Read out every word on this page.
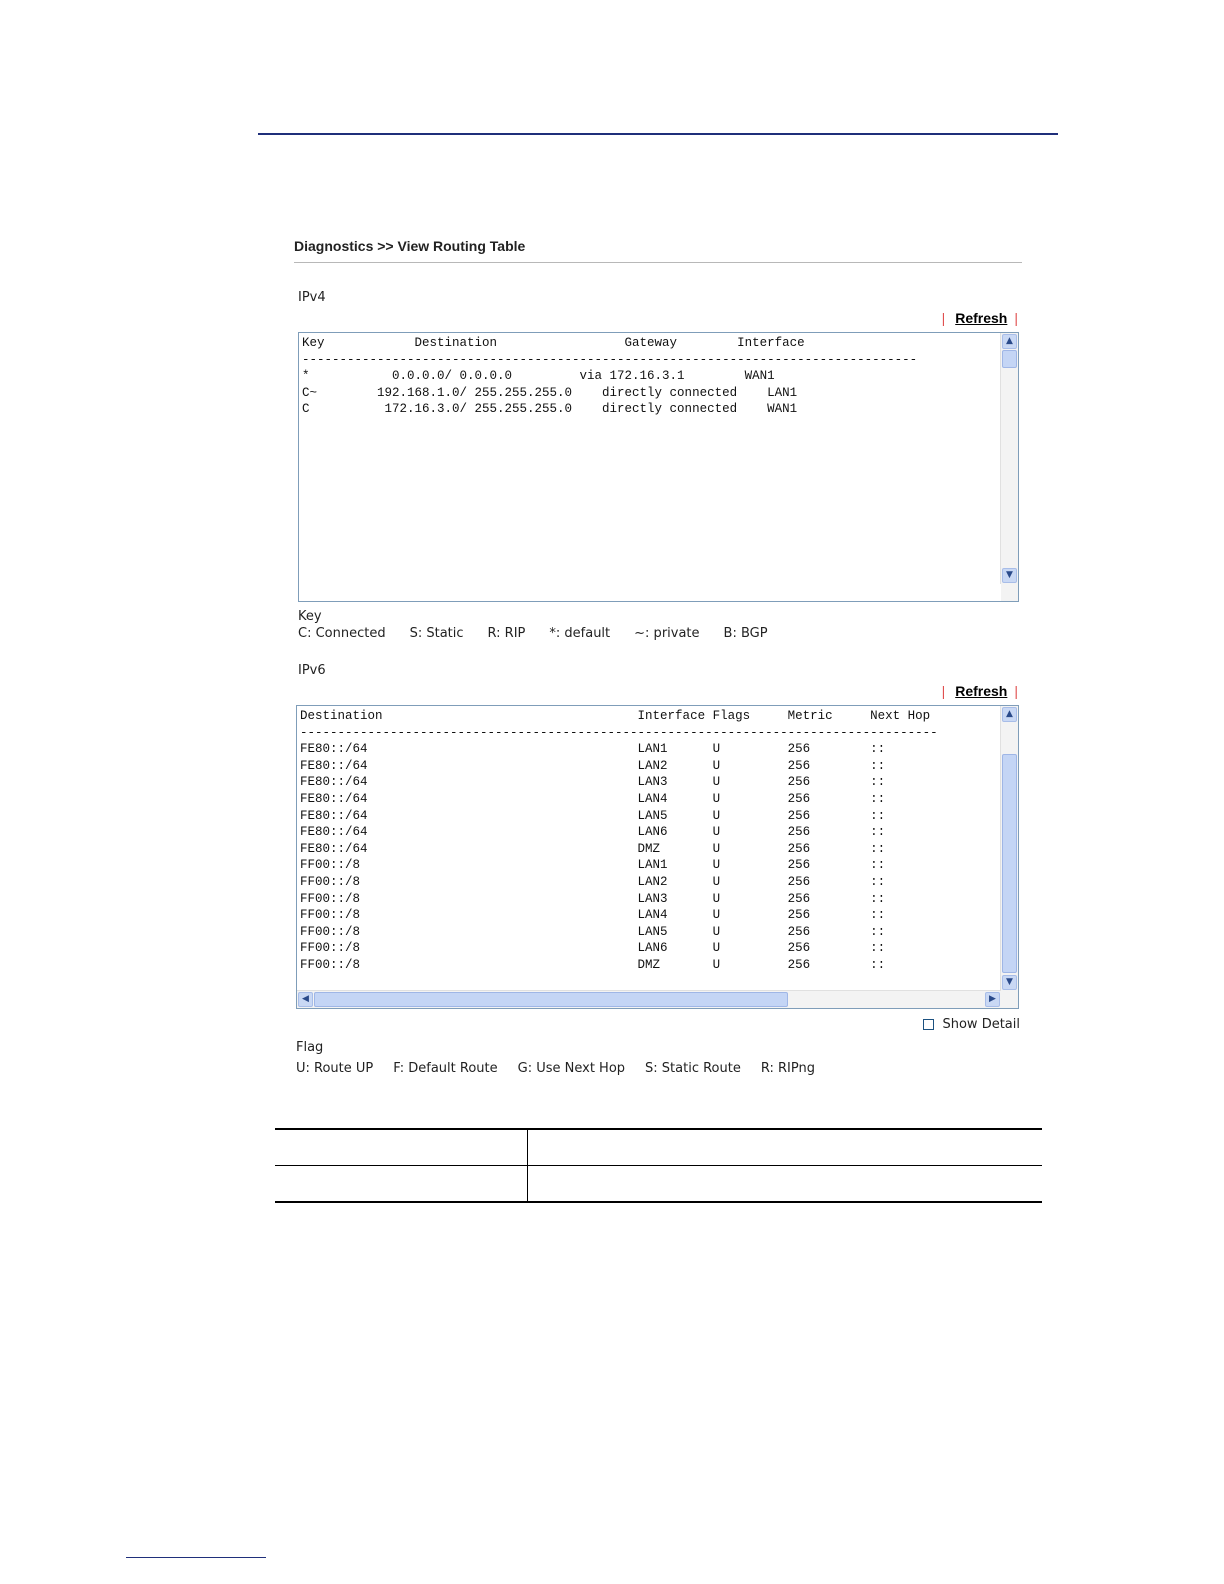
Diagnostics >> View Routing Table
IPv4
| Refresh |
Key            Destination                 Gateway        Interface
----------------------------------------------------------------------------------
*           0.0.0.0/ 0.0.0.0         via 172.16.3.1        WAN1
C~        192.168.1.0/ 255.255.255.0    directly connected    LAN1
C          172.16.3.0/ 255.255.255.0    directly connected    WAN1
▲
▼
Key
C: Connected S: Static R: RIP *: default ~: private B: BGP
IPv6
| Refresh |
Destination                                  Interface Flags     Metric     Next Hop
-------------------------------------------------------------------------------------
FE80::/64                                    LAN1      U         256        ::
FE80::/64                                    LAN2      U         256        ::
FE80::/64                                    LAN3      U         256        ::
FE80::/64                                    LAN4      U         256        ::
FE80::/64                                    LAN5      U         256        ::
FE80::/64                                    LAN6      U         256        ::
FE80::/64                                    DMZ       U         256        ::
FF00::/8                                     LAN1      U         256        ::
FF00::/8                                     LAN2      U         256        ::
FF00::/8                                     LAN3      U         256        ::
FF00::/8                                     LAN4      U         256        ::
FF00::/8                                     LAN5      U         256        ::
FF00::/8                                     LAN6      U         256        ::
FF00::/8                                     DMZ       U         256        ::
▲
▼
◀	▶
Show Detail
Flag
U: Route UP F: Default Route G: Use Next Hop S: Static Route R: RIPng
